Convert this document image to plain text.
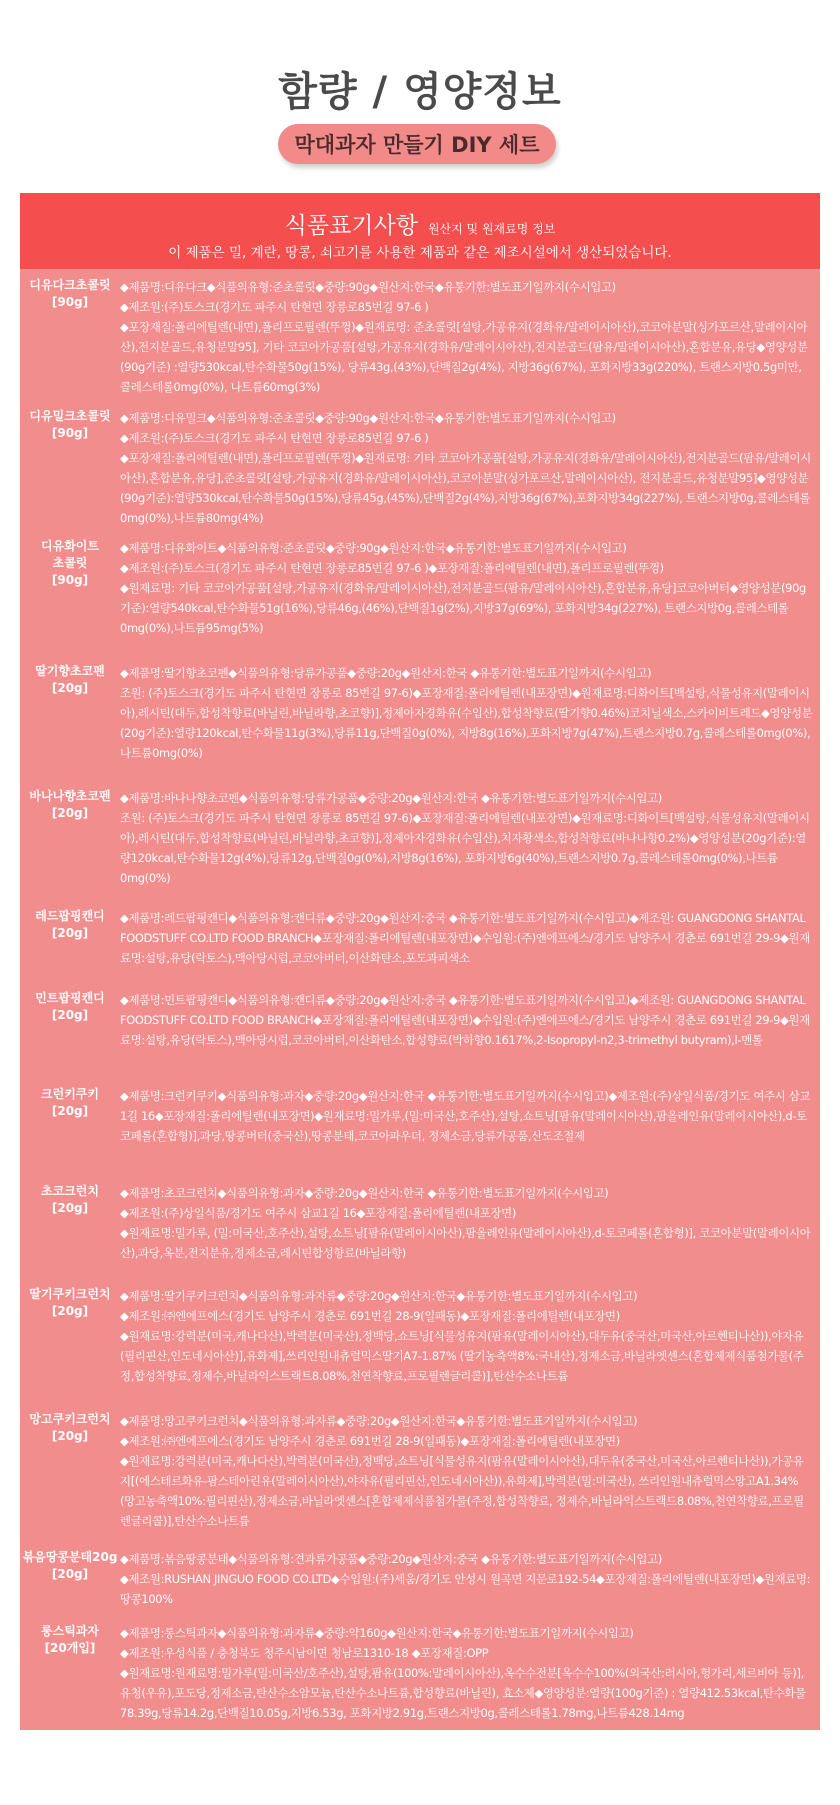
함량 / 영양정보
막대과자 만들기 DIY 세트
식품표기사항 원산지 및 원재료명 정보
이 제품은 밀, 계란, 땅콩, 쇠고기를 사용한 제품과 같은 제조시설에서 생산되었습니다.
디유다크초콜릿
[90g]
◆제품명:디유다크◆식품의유형:준초콜릿◆중량:90g◆원산지:한국◆유통기한:별도표기일까지(수시입고)
◆제조원:(주)토스크(경기도 파주시 탄현면 장릉로85번길 97-6 )
◆포장재질:폴리에틸렌(내면),폴리프로필렌(뚜껑)◆원재료명: 준초콜릿[설탕,가공유지(경화유/말레이시아산),코코아분말(싱가포르산,말레이시아산),전지분골드,유청분말95], 기타 코코아가공품[설탕,가공유지(경화유/말레이시아산),전지분골드(팜유/말레이시아산),혼합분유,유당◆영양성분(90g기준) :열량530kcal,탄수화물50g(15%), 당류43g,(43%),단백질2g(4%), 지방36g(67%), 포화지방33g(220%), 트랜스지방0.5g미만, 콜레스테롤0mg(0%), 나트륨60mg(3%)
디유밀크초콜릿
[90g]
◆제품명:디유밀크◆식품의유형:준초콜릿◆중량:90g◆원산지:한국◆유통기한:별도표기일까지(수시입고)
◆제조원:(주)토스크(경기도 파주시 탄현면 장릉로85번길 97-6 )
◆포장재질:폴리에틸렌(내면),폴리프로필렌(뚜껑)◆원재료명: 기타 코코아가공품[설탕,가공유지(경화유/말레이시아산),전지분골드(팜유/말레이시아산),혼합분유,유당],준초콜릿[설탕,가공유지(경화유/말레이시아산),코코아분말(싱가포르산,말레이시아산), 전지분골드,유청분말95]◆영양성분(90g기준):열량530kcal,탄수화물50g(15%),당류45g,(45%),단백질2g(4%),지방36g(67%),포화지방34g(227%), 트랜스지방0g,콜레스테롤0mg(0%),나트륨80mg(4%)
디유화이트
초콜릿
[90g]
◆제품명:디유화이트◆식품의유형:준초콜릿◆중량:90g◆원산지:한국◆유통기한:별도표기일까지(수시입고)
◆제조원:(주)토스크(경기도 파주시 탄현면 장릉로85번길 97-6 )◆포장재질:폴리에틸렌(내면),폴리프로필렌(뚜껑)
◆원재료명: 기타 코코아가공품[설탕,가공유지(경화유/말레이시아산),전지분골드(팜유/말레이시아산),혼합분유,유당]코코아버터◆영양성분(90g기준):열량540kcal,탄수화물51g(16%),당류46g,(46%),단백질1g(2%),지방37g(69%), 포화지방34g(227%), 트랜스지방0g,콜레스테롤0mg(0%),나트륨95mg(5%)
딸기향초코펜
[20g]
◆제품명:딸기향초코펜◆식품의유형:당류가공품◆중량:20g◆원산지:한국 ◆유통기한:별도표기일까지(수시입고)
조원: (주)토스크(경기도 파주시 탄현면 장릉로 85번길 97-6)◆포장재질:폴리에틸렌(내포장면)◆원재료명:디화이트[백설탕,식물성유지(말레이시아),레시틴(대두,합성착향료(바닐린,바닐라향,초코향)],정제아자경화유(수입산),합성착향료(딸기향0.46%)코치닐색소,스카이비트레드◆영양성분(20g기준):열량120kcal,탄수화물11g(3%),당류11g,단백질0g(0%), 지방8g(16%),포화지방7g(47%),트랜스지방0.7g,콜레스테롤0mg(0%),나트륨0mg(0%)
바나나향초코펜
[20g]
◆제품명:바나나향초코펜◆식품의유형:당류가공품◆중량:20g◆원산지:한국 ◆유통기한:별도표기일까지(수시입고)
조원: (주)토스크(경기도 파주시 탄현면 장릉로 85번길 97-6)◆포장재질:폴리에틸렌(내포장면)◆원재료명:디화이트[백설탕,식물성유지(말레이시아),레시틴(대두,합성착향료(바닐린,바닐라향,초코향)],정제아자경화유(수입산),치자황색소,합성착향료(바나나향0.2%)◆영양성분(20g기준):열량120kcal,탄수화물12g(4%),당류12g,단백질0g(0%),지방8g(16%), 포화지방6g(40%),트랜스지방0.7g,콜레스테롤0mg(0%),나트륨0mg(0%)
레드팝핑캔디
[20g]
◆제품명:레드팝핑캔디◆식품의유형:캔디류◆중량:20g◆원산지:중국 ◆유통기한:별도표기일까지(수시입고)◆제조원: GUANGDONG SHANTAL FOODSTUFF CO.LTD FOOD BRANCH◆포장재질:폴리에틸렌(내포장면)◆수입원:(주)엔에프에스/경기도 남양주시 경춘로 691번길 29-9◆원재료명:설탕,유당(락토스),맥아당시럽,코코아버터,이산화탄소,포도과피색소
민트팝핑캔디
[20g]
◆제품명:민트팝핑캔디◆식품의유형:캔디류◆중량:20g◆원산지:중국 ◆유통기한:별도표기일까지(수시입고)◆제조원: GUANGDONG SHANTAL FOODSTUFF CO.LTD FOOD BRANCH◆포장재질:폴리에틸렌(내포장면)◆수입원:(주)엔에프에스/경기도 남양주시 경춘로 691번길 29-9◆원재료명:설탕,유당(락토스),맥아당시럽,코코아버터,이산화탄소,합성향료(박하향0.1617%,2-Isopropyl-n2,3-trimethyl butyram),l-멘톨
크런키쿠키
[20g]
◆제품명:크런키쿠키◆식품의유형:과자◆중량:20g◆원산지:한국 ◆유통기한:별도표기일까지(수시입고)◆제조원:(주)상일식품/경기도 여주시 삼교1길 16◆포장재질:폴리에틸렌(내포장면)◆원재료명:밀가루,(밀:미국산,호주산),설탕,쇼트닝[팜유(말레이시아산),팜올레인유(말레이시아산),d-토코페롤(혼합형)],과당,땅콩버터(중국산),땅콩분태,코코아파우더, 정제소금,당류가공품,산도조절제
초코크런치
[20g]
◆제품명:초코크런치◆식품의유형:과자◆중량:20g◆원산지:한국 ◆유통기한:별도표기일까지(수시입고)
◆제조원:(주)상일식품/경기도 여주시 삼교1길 16◆포장재질:폴리에틸렌(내포장면)
◆원재료명:밀가루, (밀:미국산,호주산),설탕,쇼트닝[팜유(말레이시아산),팜올레인유(말레이시아산),d-토코페롤(혼합형)], 코코아분말(말레이시아산),과당,옥분,전지분유,정제소금,레시틴합성향료(바닐라향)
딸기쿠키크런치
[20g]
◆제품명:딸기쿠키크런치◆식품의유형:과자류◆중량:20g◆원산지:한국◆유통기한:별도표기일까지(수시입고)
◆제조원:㈜엔에프에스(경기도 남양주시 경춘로 691번길 28-9(일패동)◆포장재질:폴리에틸렌(내포장면)
◆원재료명:강력분(미국,캐나다산),박력분(미국산),정백당,쇼트닝[식물성유지(팜유(말레이시아산),대두유(중국산,미국산,아르헨티나산)),야자유(필리핀산,인도네시아산)],유화제],쓰리인원내츄럴믹스딸기A7-1.87% (딸기농축액8%:국내산),정제소금,바닐라엣센스(혼합제제식품첨가물(주정,합성착향료,정제수,바닐라익스트랙트8.08%,천연착향료,프로필렌글리콜)],탄산수소나트륨
망고쿠키크런치
[20g]
◆제품명:망고쿠키크런치◆식품의유형:과자류◆중량:20g◆원산지:한국◆유통기한:별도표기일까지(수시입고)
◆제조원:㈜엔에프에스(경기도 남양주시 경춘로 691번길 28-9(일패동)◆포장재질:폴리에틸렌(내포장면)
◆원재료명:강력분(미국,캐나다산),박력분(미국산),정백당,쇼트닝[식물성유지(팜유(말레이시아산),대두유(중국산,미국산,아르헨티나산)),가공유지[(에스테르화유-팜스테아린유(말레이시아산),야자유(필리핀산,인도네시아산)),유화제],박력분(밀:미국산), 쓰리인원내츄럴믹스망고A1.34%(망고농축액10%:필리핀산),정제소금,바닐라엣센스[혼합제제식품첨가물(주정,합성착향료, 정제수,바닐라익스트랙드8.08%,천연착향료,프로필렌글리콜)],탄산수소나트륨
볶음땅콩분태20g
[20g]
◆제품명:볶음땅콩분태◆식품의유형:견과류가공품◆중량:20g◆원산지:중국 ◆유통기한:별도표기일까지(수시입고)
◆제조원:RUSHAN JINGUO FOOD CO.LTD◆수입원:(주)세움/경기도 안성시 원곡면 지문로192-54◆포장재질:폴리에틸렌(내포장면)◆원재료명:땅콩100%
롱스틱과자
[20개입]
◆제품명:롱스틱과자◆식품의유형:과자류◆중량:약160g◆원산지:한국◆유통기한:별도표기일까지(수시입고)
◆제조원:우성식품 / 충청북도 청주시남이면 청남로1310-18 ◆포장재질:OPP
◆원재료명:원재료명:밀가루(밀:미국산/호주산),설탕,팜유(100%:말레이시아산),옥수수전분[옥수수100%(외국산:러시아,헝가리,세르비아 등)],유청(우유),포도당,정제소금,탄산수소암모늄,탄산수소나트륨,합성향료(바닐린), 효소제◆영양성분:열량(100g기준) : 열량412.53kcal,탄수화물78.39g,당류14.2g,단백질10.05g,지방6.53g, 포화지방2.91g,트랜스지방0g,콜레스테롤1.78mg,나트륨428.14mg
